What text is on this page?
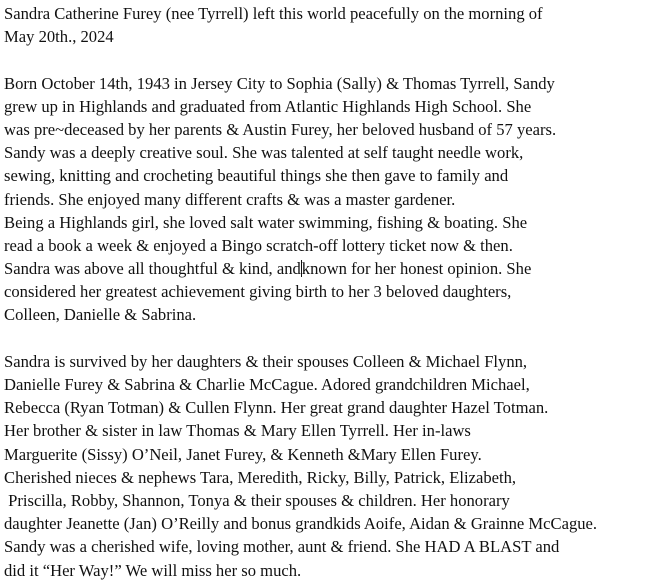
Sandra Catherine Furey (nee Tyrrell) left this world peacefully on the morning of
May 20th., 2024
Born October 14th, 1943 in Jersey City to Sophia (Sally) & Thomas Tyrrell, Sandy
grew up in Highlands and graduated from Atlantic Highlands High School. She
was pre~deceased by her parents & Austin Furey, her beloved husband of 57 years.
Sandy was a deeply creative soul. She was talented at self taught needle work,
sewing, knitting and crocheting beautiful things she then gave to family and
friends. She enjoyed many different crafts & was a master gardener.
Being a Highlands girl, she loved salt water swimming, fishing & boating. She
read a book a week & enjoyed a Bingo scratch-off lottery ticket now & then.
Sandra was above all thoughtful & kind, andknown for her honest opinion. She
considered her greatest achievement giving birth to her 3 beloved daughters,
Colleen, Danielle & Sabrina.
Sandra is survived by her daughters & their spouses Colleen & Michael Flynn,
Danielle Furey & Sabrina & Charlie McCague. Adored grandchildren Michael,
Rebecca (Ryan Totman) & Cullen Flynn. Her great grand daughter Hazel Totman.
Her brother & sister in law Thomas & Mary Ellen Tyrrell. Her in-laws
Marguerite (Sissy) O’Neil, Janet Furey, & Kenneth &Mary Ellen Furey.
Cherished nieces & nephews Tara, Meredith, Ricky, Billy, Patrick, Elizabeth,
Priscilla, Robby, Shannon, Tonya & their spouses & children. Her honorary
daughter Jeanette (Jan) O’Reilly and bonus grandkids Aoife, Aidan & Grainne McCague.
Sandy was a cherished wife, loving mother, aunt & friend. She HAD A BLAST and
did it “Her Way!” We will miss her so much.
